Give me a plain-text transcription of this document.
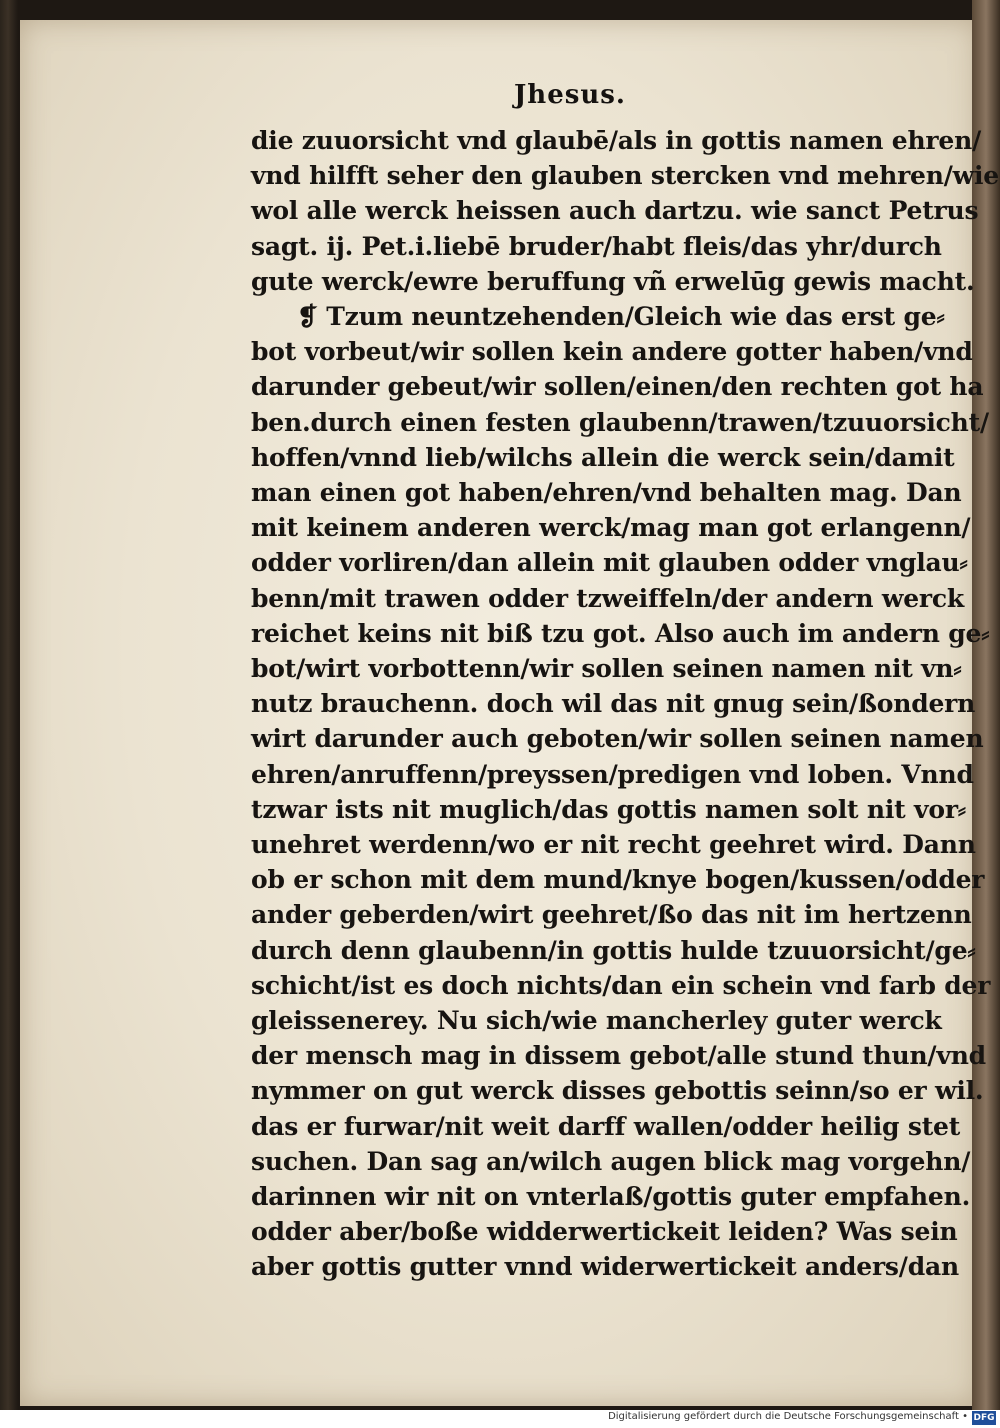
Jhesus.
die zuuorsicht vnd glaubē/als in gottis namen ehren/
vnd hilfft seher den glauben stercken vnd mehren/wie
wol alle werck heissen auch dartzu. wie sanct Petrus
sagt. ij. Pet.i.liebē bruder/habt fleis/das yhr/durch
gute werck/ewre beruffung vñ erwelūg gewis macht.
❡ Tzum neuntzehenden/Gleich wie das erst ge⸗
bot vorbeut/wir sollen kein andere gotter haben/vnd
darunder gebeut/wir sollen/einen/den rechten got ha
ben.durch einen festen glaubenn/trawen/tzuuorsicht/
hoffen/vnnd lieb/wilchs allein die werck sein/damit
man einen got haben/ehren/vnd behalten mag. Dan
mit keinem anderen werck/mag man got erlangenn/
odder vorliren/dan allein mit glauben odder vnglau⸗
benn/mit trawen odder tzweiffeln/der andern werck
reichet keins nit biß tzu got. Also auch im andern ge⸗
bot/wirt vorbottenn/wir sollen seinen namen nit vn⸗
nutz brauchenn. doch wil das nit gnug sein/ßondern
wirt darunder auch geboten/wir sollen seinen namen
ehren/anruffenn/preyssen/predigen vnd loben. Vnnd
tzwar ists nit muglich/das gottis namen solt nit vor⸗
unehret werdenn/wo er nit recht geehret wird. Dann
ob er schon mit dem mund/knye bogen/kussen/odder
ander geberden/wirt geehret/ßo das nit im hertzenn
durch denn glaubenn/in gottis hulde tzuuorsicht/ge⸗
schicht/ist es doch nichts/dan ein schein vnd farb der
gleissenerey. Nu sich/wie mancherley guter werck
der mensch mag in dissem gebot/alle stund thun/vnd
nymmer on gut werck disses gebottis seinn/so er wil.
das er furwar/nit weit darff wallen/odder heilig stet
suchen. Dan sag an/wilch augen blick mag vorgehn/
darinnen wir nit on vnterlaß/gottis guter empfahen.
odder aber/boße widderwertickeit leiden? Was sein
aber gottis gutter vnnd widerwertickeit anders/dan
Digitalisierung gefördert durch die Deutsche Forschungsgemeinschaft • DFG
